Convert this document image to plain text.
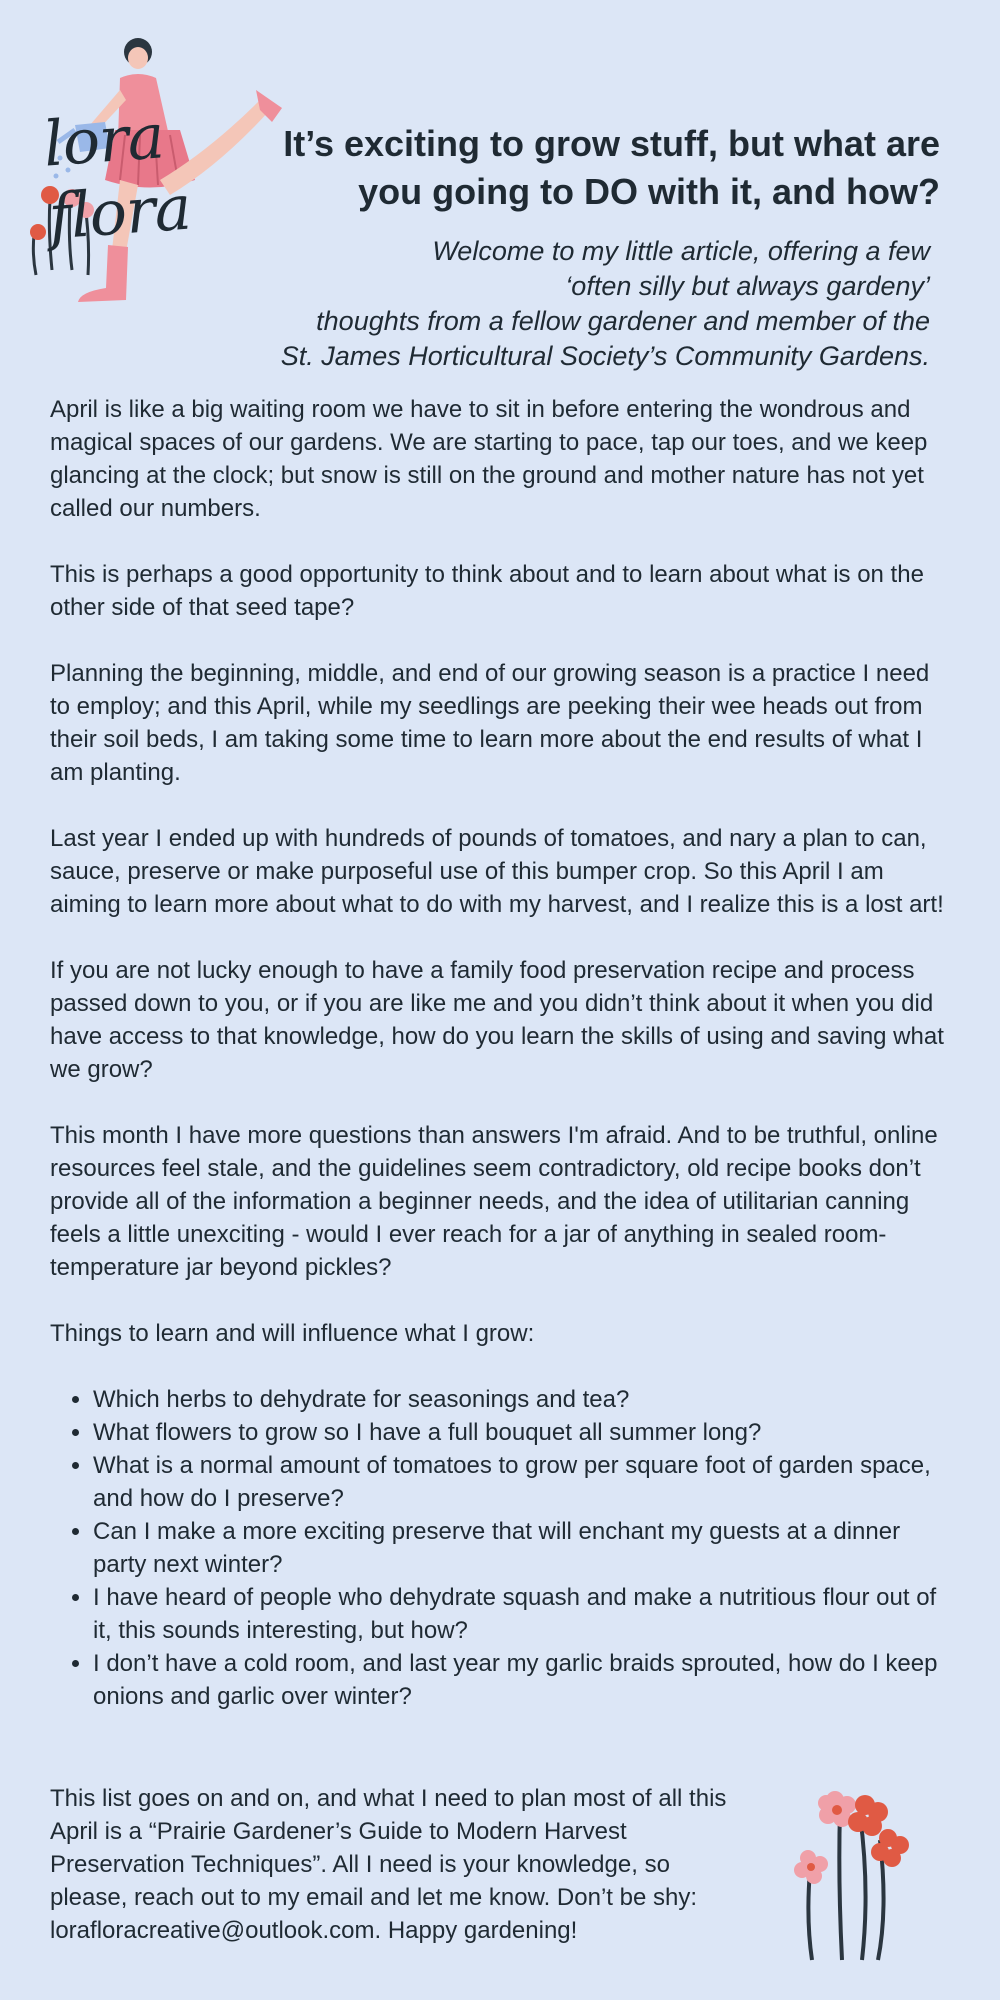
lora flora
It’s exciting to grow stuff, but what are you going to DO with it, and how?

Welcome to my little article, offering a few
‘often silly but always gardeny’
thoughts from a fellow gardener and member of the
St. James Horticultural Society’s Community Gardens.

April is like a big waiting room we have to sit in before entering the wondrous and magical spaces of our gardens. We are starting to pace, tap our toes, and we keep glancing at the clock; but snow is still on the ground and mother nature has not yet called our numbers.

This is perhaps a good opportunity to think about and to learn about what is on the other side of that seed tape?

Planning the beginning, middle, and end of our growing season is a practice I need to employ; and this April, while my seedlings are peeking their wee heads out from their soil beds, I am taking some time to learn more about the end results of what I am planting.

Last year I ended up with hundreds of pounds of tomatoes, and nary a plan to can, sauce, preserve or make purposeful use of this bumper crop. So this April I am aiming to learn more about what to do with my harvest, and I realize this is a lost art!

If you are not lucky enough to have a family food preservation recipe and process passed down to you, or if you are like me and you didn’t think about it when you did have access to that knowledge, how do you learn the skills of using and saving what we grow?

This month I have more questions than answers I'm afraid. And to be truthful, online resources feel stale, and the guidelines seem contradictory, old recipe books don’t provide all of the information a beginner needs, and the idea of utilitarian canning feels a little unexciting - would I ever reach for a jar of anything in sealed room-temperature jar beyond pickles?

Things to learn and will influence what I grow:

• Which herbs to dehydrate for seasonings and tea?
• What flowers to grow so I have a full bouquet all summer long?
• What is a normal amount of tomatoes to grow per square foot of garden space, and how do I preserve?
• Can I make a more exciting preserve that will enchant my guests at a dinner party next winter?
• I have heard of people who dehydrate squash and make a nutritious flour out of it, this sounds interesting, but how?
• I don’t have a cold room, and last year my garlic braids sprouted, how do I keep onions and garlic over winter?

This list goes on and on, and what I need to plan most of all this April is a “Prairie Gardener’s Guide to Modern Harvest Preservation Techniques”. All I need is your knowledge, so please, reach out to my email and let me know. Don’t be shy: lorafloracreative@outlook.com. Happy gardening!
